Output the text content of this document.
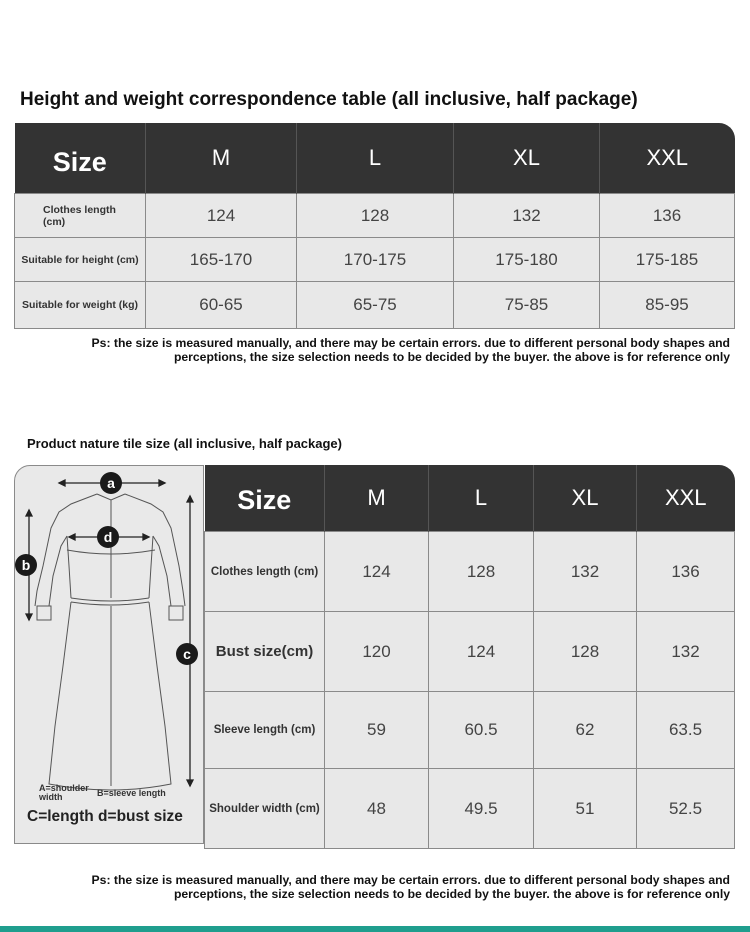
Height and weight correspondence table (all inclusive, half package)
Size	M	L	XL	XXL
Clothes length (cm)	124	128	132	136
Suitable for height (cm)	165-170	170-175	175-180	175-185
Suitable for weight (kg)	60-65	65-75	75-85	85-95
Ps: the size is measured manually, and there may be certain errors. due to different personal body shapes and
perceptions, the size selection needs to be decided by the buyer. the above is for reference only
Product nature tile size (all inclusive, half package)
a
d
b
c
A=shoulder width	B=sleeve length
C=length d=bust size
Size	M	L	XL	XXL
Clothes length (cm)	124	128	132	136
Bust size(cm)	120	124	128	132
Sleeve length (cm)	59	60.5	62	63.5
Shoulder width (cm)	48	49.5	51	52.5
Ps: the size is measured manually, and there may be certain errors. due to different personal body shapes and
perceptions, the size selection needs to be decided by the buyer. the above is for reference only
